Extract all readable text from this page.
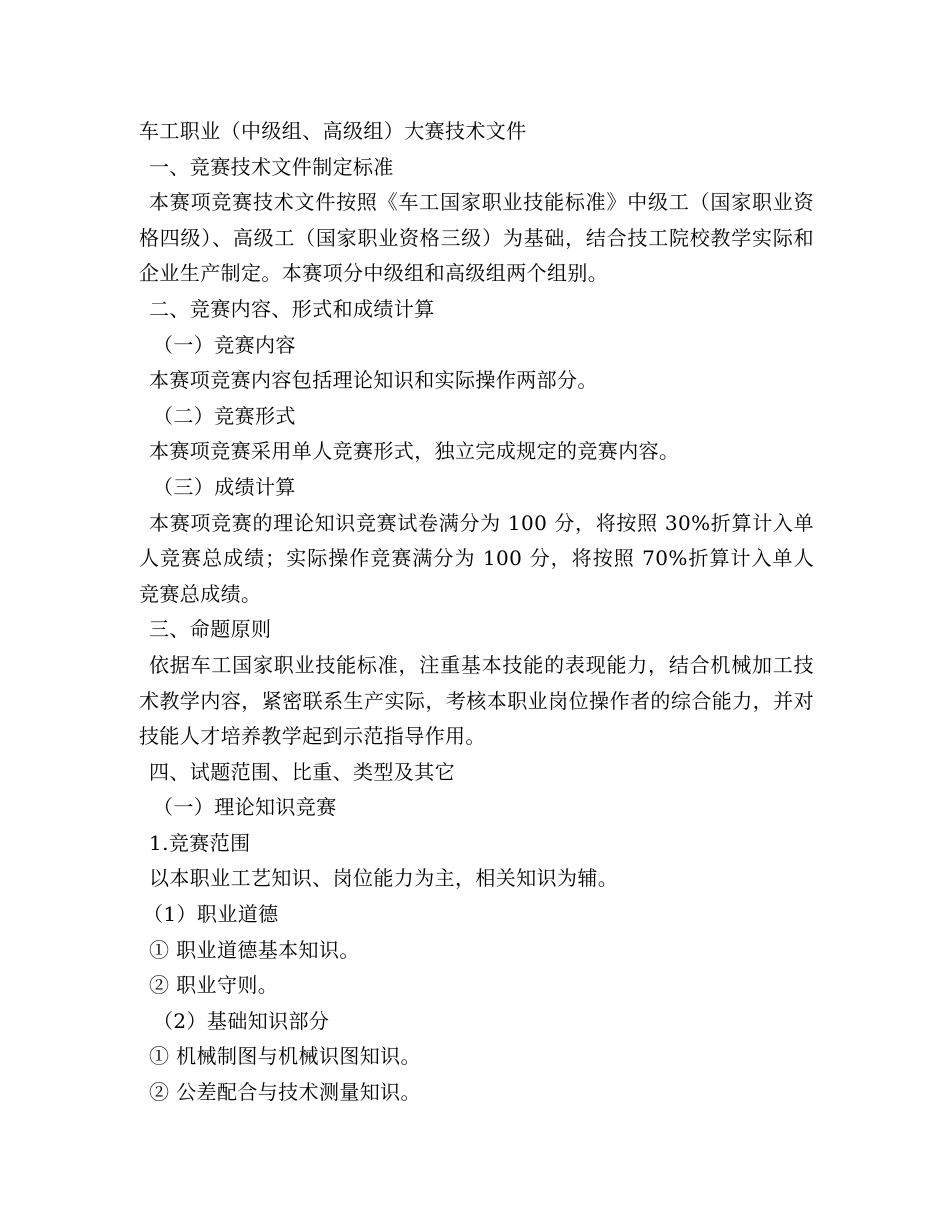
车工职业（中级组、高级组）大赛技术文件
一、竞赛技术文件制定标准
本赛项竞赛技术文件按照《车工国家职业技能标准》中级工（国家职业资格四级）、高级工（国家职业资格三级）为基础，结合技工院校教学实际和企业生产制定。本赛项分中级组和高级组两个组别。
二、竞赛内容、形式和成绩计算
（一）竞赛内容
本赛项竞赛内容包括理论知识和实际操作两部分。
（二）竞赛形式
本赛项竞赛采用单人竞赛形式，独立完成规定的竞赛内容。
（三）成绩计算
本赛项竞赛的理论知识竞赛试卷满分为 100 分，将按照 30%折算计入单人竞赛总成绩；实际操作竞赛满分为 100 分，将按照 70%折算计入单人竞赛总成绩。
三、命题原则
依据车工国家职业技能标准，注重基本技能的表现能力，结合机械加工技术教学内容，紧密联系生产实际，考核本职业岗位操作者的综合能力，并对技能人才培养教学起到示范指导作用。
四、试题范围、比重、类型及其它
（一）理论知识竞赛
1.竞赛范围
以本职业工艺知识、岗位能力为主，相关知识为辅。
（1）职业道德
① 职业道德基本知识。
② 职业守则。
（2）基础知识部分
① 机械制图与机械识图知识。
② 公差配合与技术测量知识。
